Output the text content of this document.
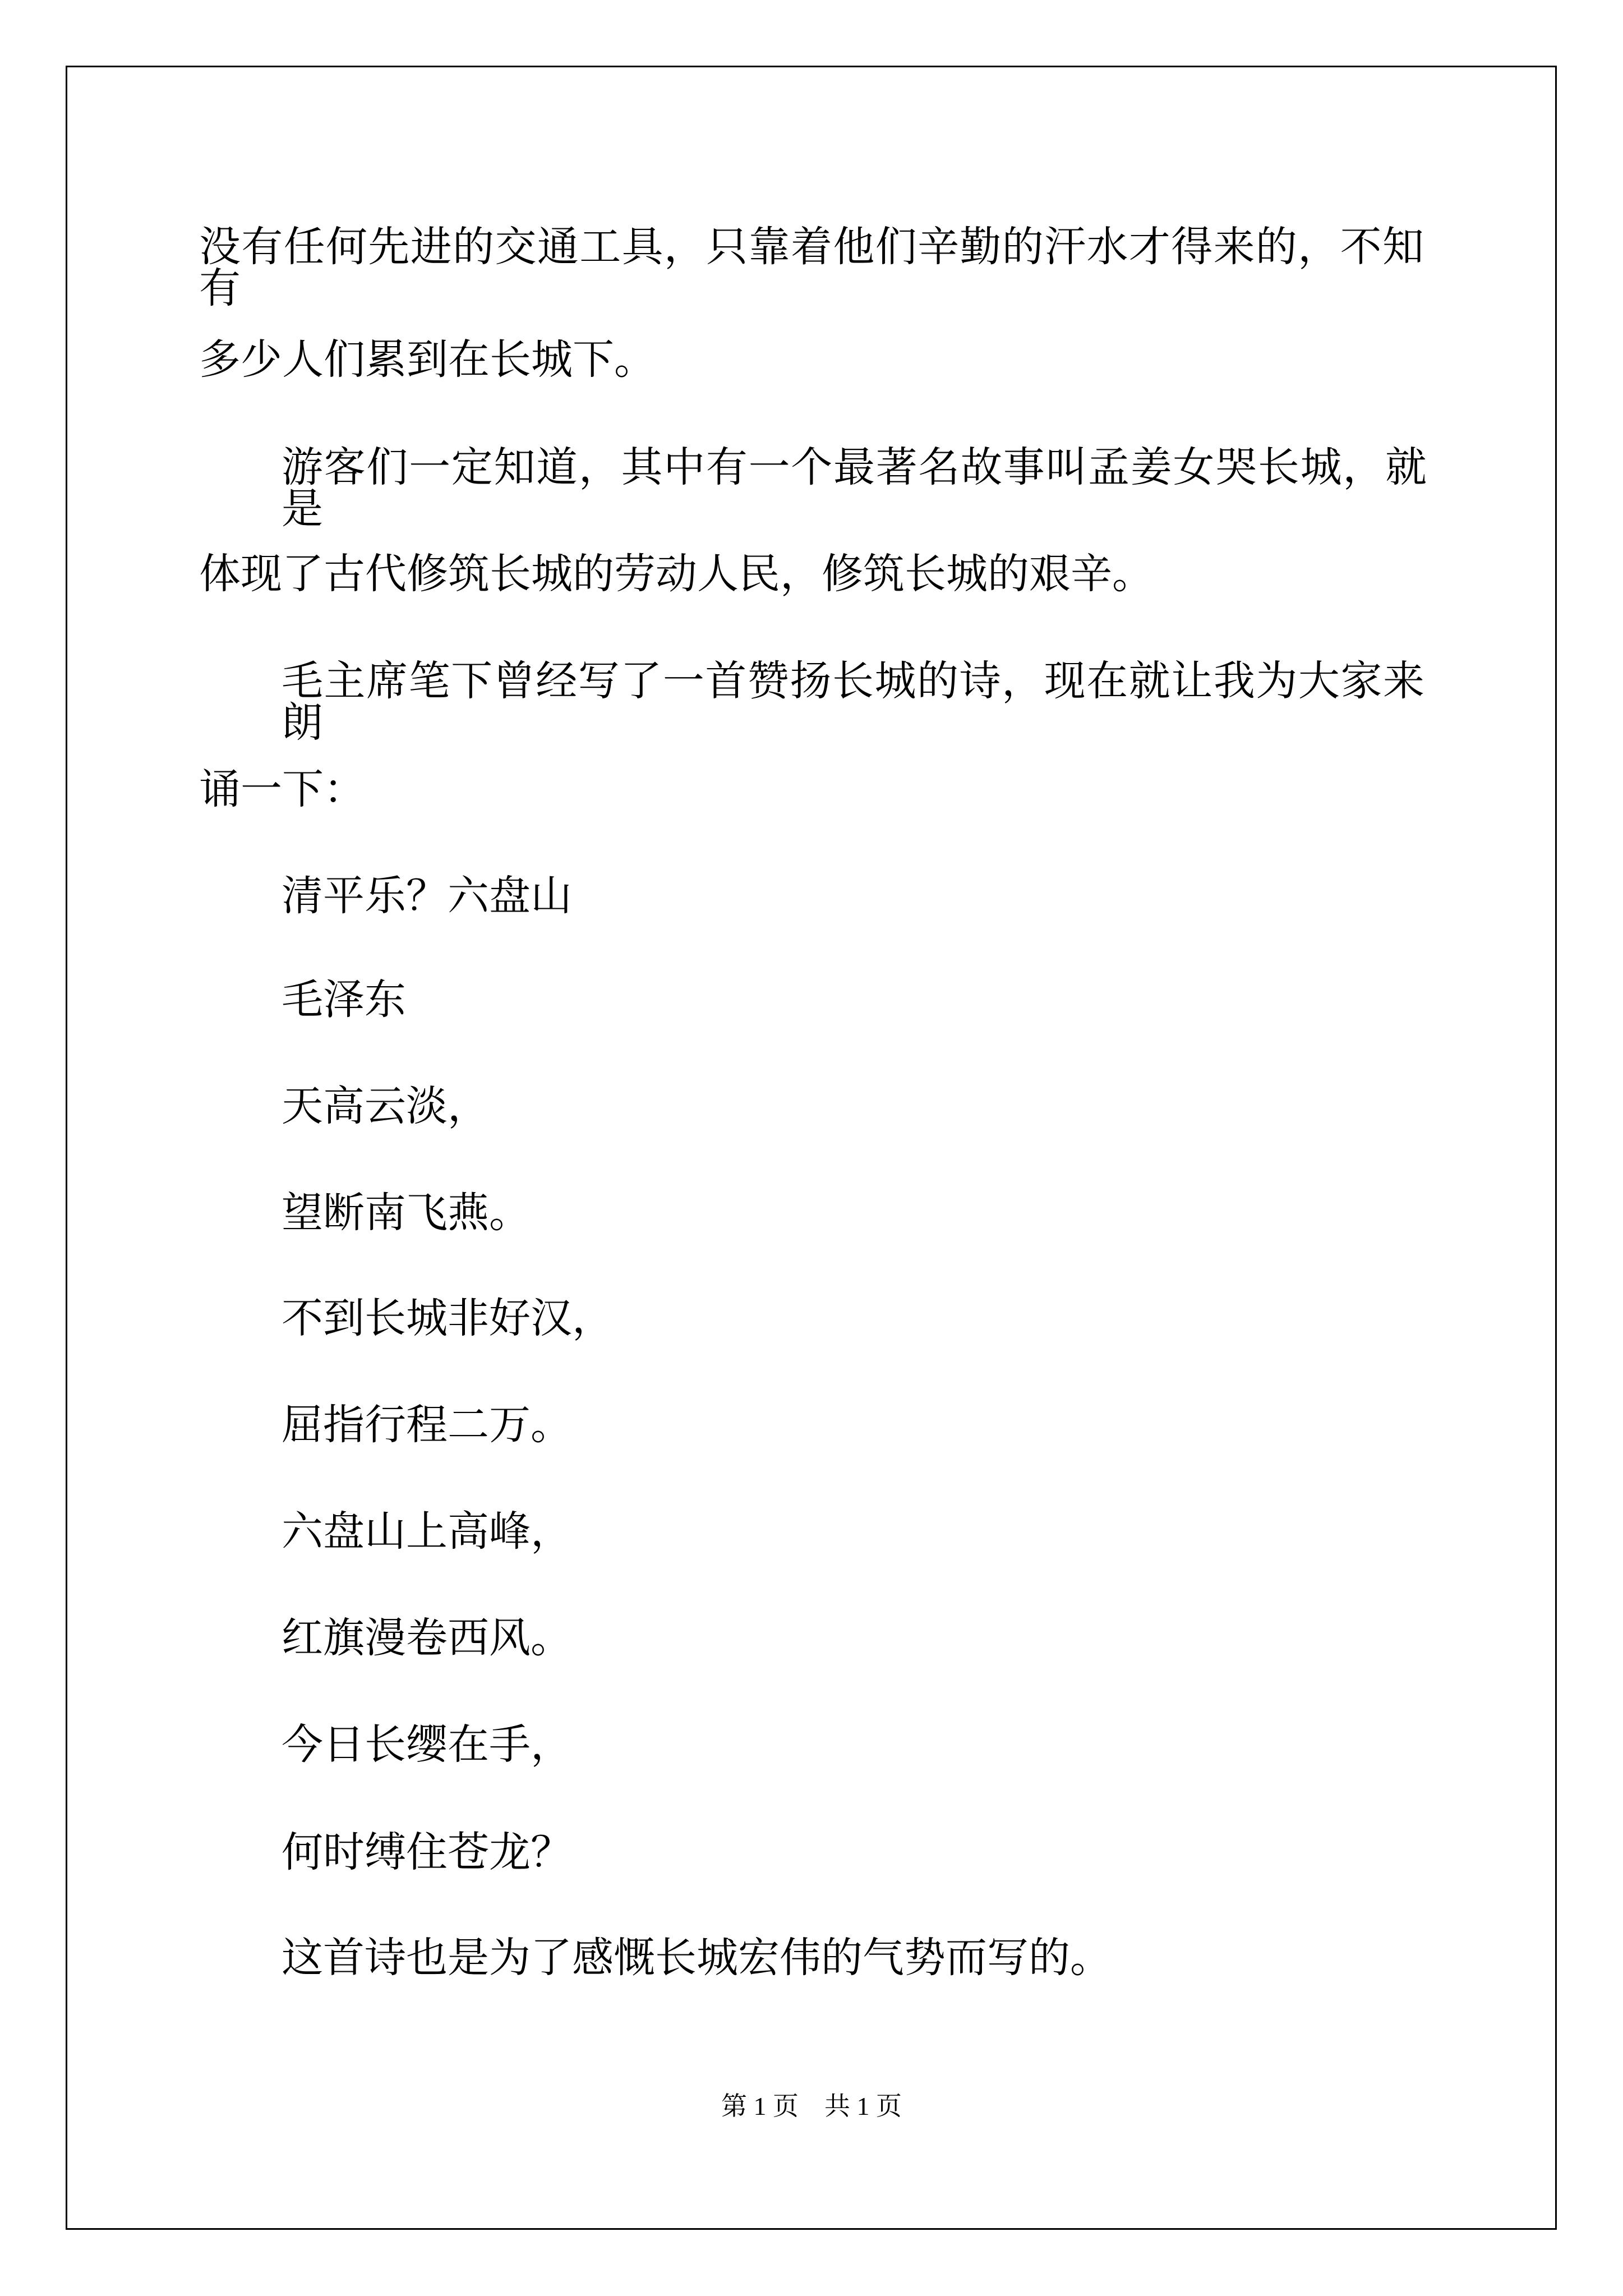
没有任何先进的交通工具，只靠着他们辛勤的汗水才得来的，不知有
多少人们累到在长城下。
游客们一定知道，其中有一个最著名故事叫孟姜女哭长城，就是
体现了古代修筑长城的劳动人民，修筑长城的艰辛。
毛主席笔下曾经写了一首赞扬长城的诗，现在就让我为大家来朗
诵一下：
清平乐？六盘山
毛泽东
天高云淡，
望断南飞燕。
不到长城非好汉，
屈指行程二万。
六盘山上高峰，
红旗漫卷西风。
今日长缨在手，
何时缚住苍龙？
这首诗也是为了感慨长城宏伟的气势而写的。
第 1 页　共 1 页
